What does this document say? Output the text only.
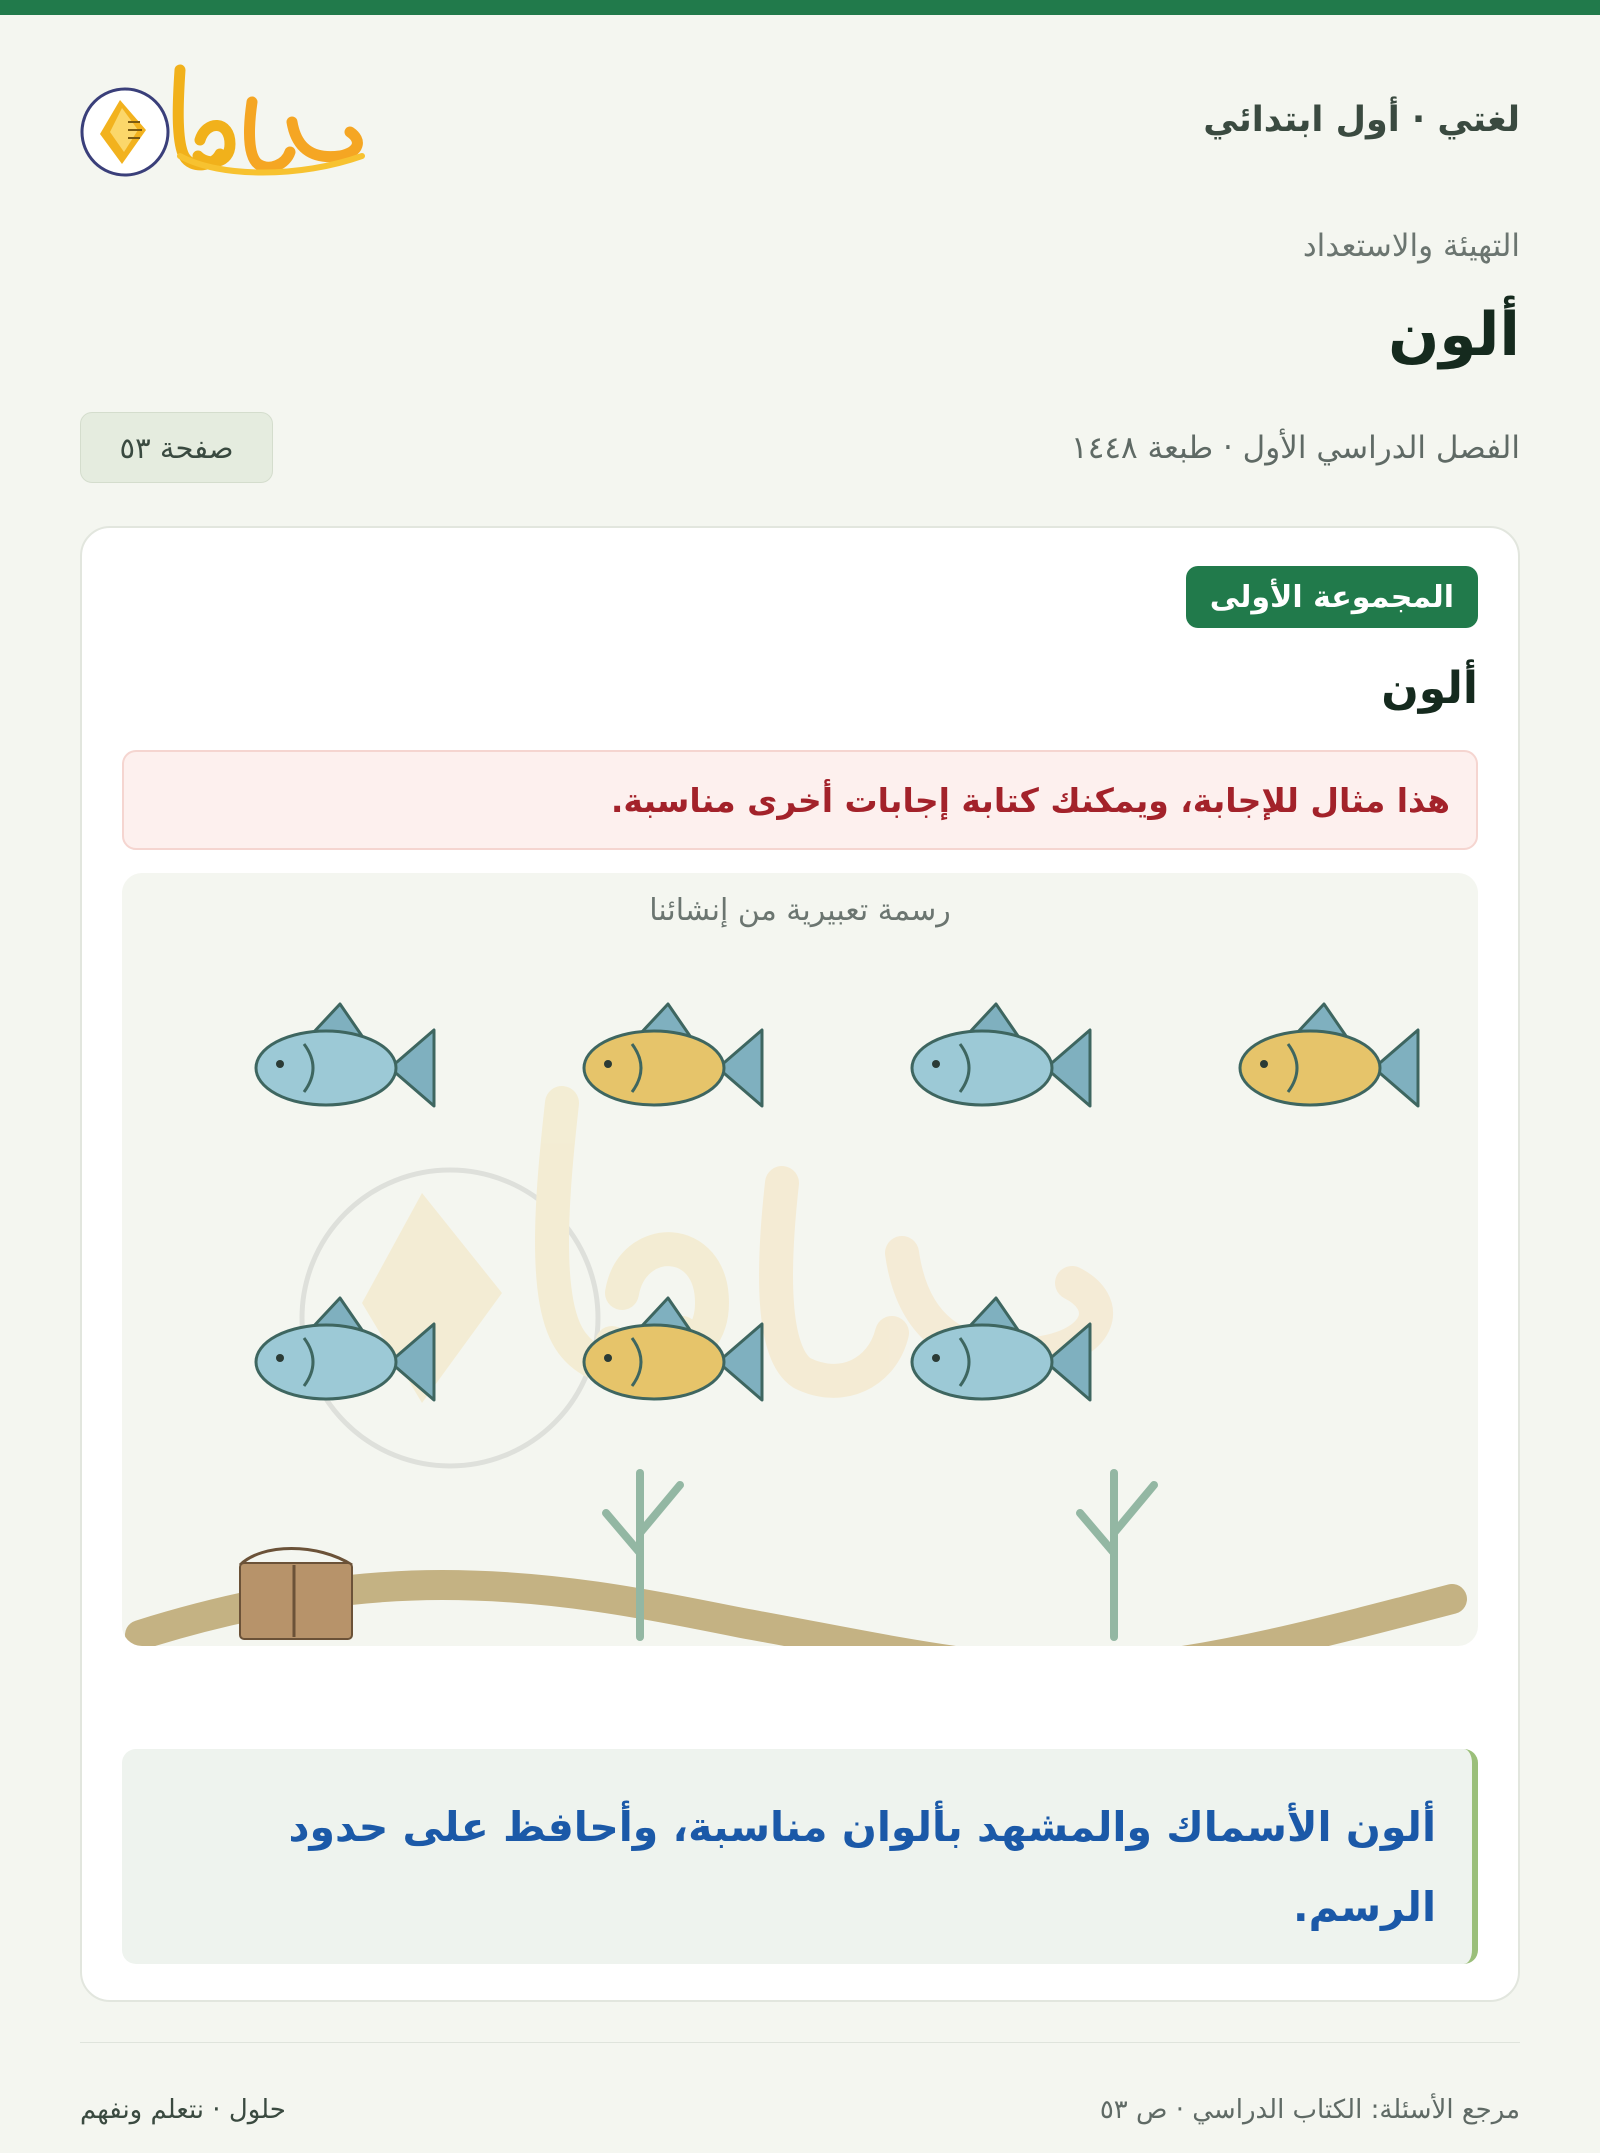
لغتي · أول ابتدائي
التهيئة والاستعداد
ألون
الفصل الدراسي الأول · طبعة ١٤٤٨
صفحة ٥٣
المجموعة الأولى
ألون
هذا مثال للإجابة، ويمكنك كتابة إجابات أخرى مناسبة.
رسمة تعبيرية من إنشائنا
ألون الأسماك والمشهد بألوان مناسبة، وأحافظ على حدود الرسم.
مرجع الأسئلة: الكتاب الدراسي · ص ٥٣
حلول · نتعلم ونفهم
